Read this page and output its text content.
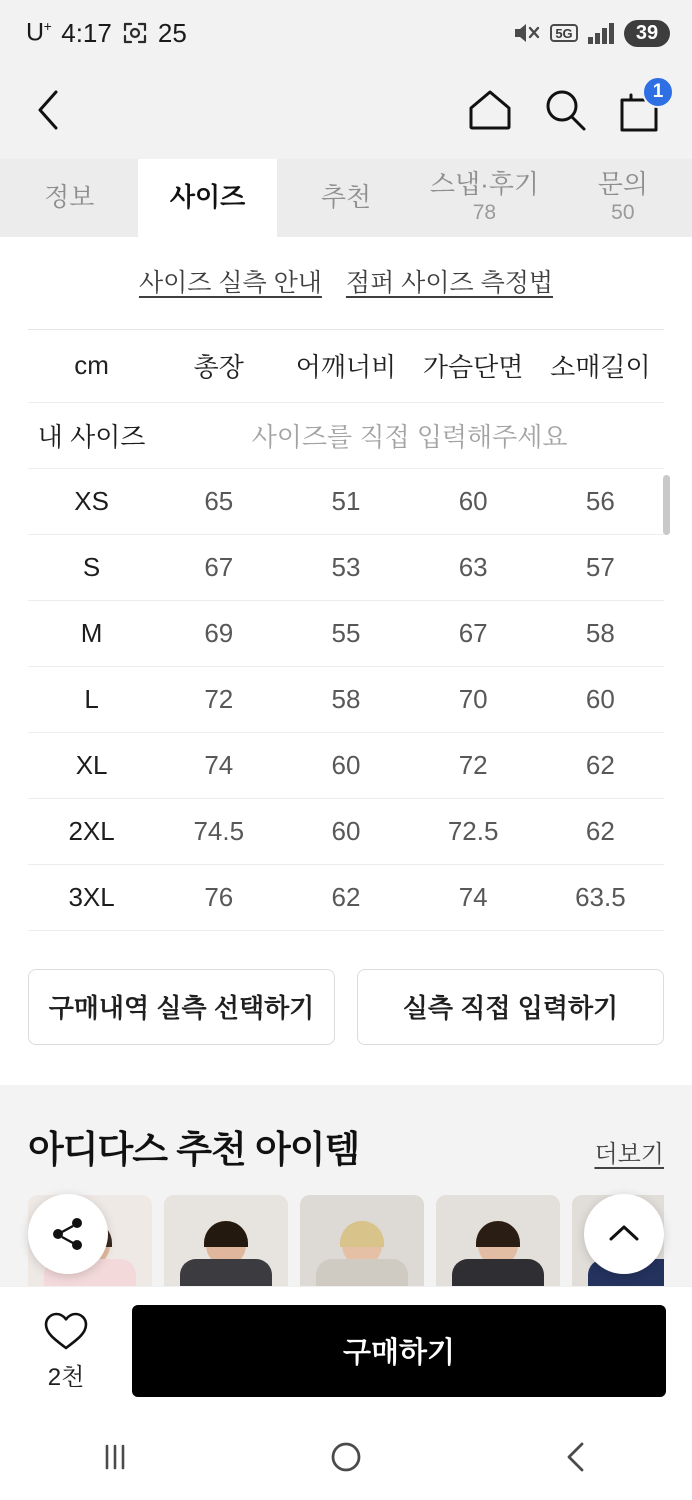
U+ 4:17 25	5G	39
1
정보	사이즈	추천 스냅·후기
78
문의
50
사이즈 실측 안내 점퍼 사이즈 측정법
cm	총장	어깨너비	가슴단면	소매길이
내 사이즈	사이즈를 직접 입력해주세요			
XS	65	51	60	56
S	67	53	63	57
M	69	55	67	58
L	72	58	70	60
XL	74	60	72	62
2XL	74.5	60	72.5	62
3XL	76	62	74	63.5
구매내역 실측 선택하기	실측 직접 입력하기
아디다스 추천 아이템	더보기
2천
구매하기
